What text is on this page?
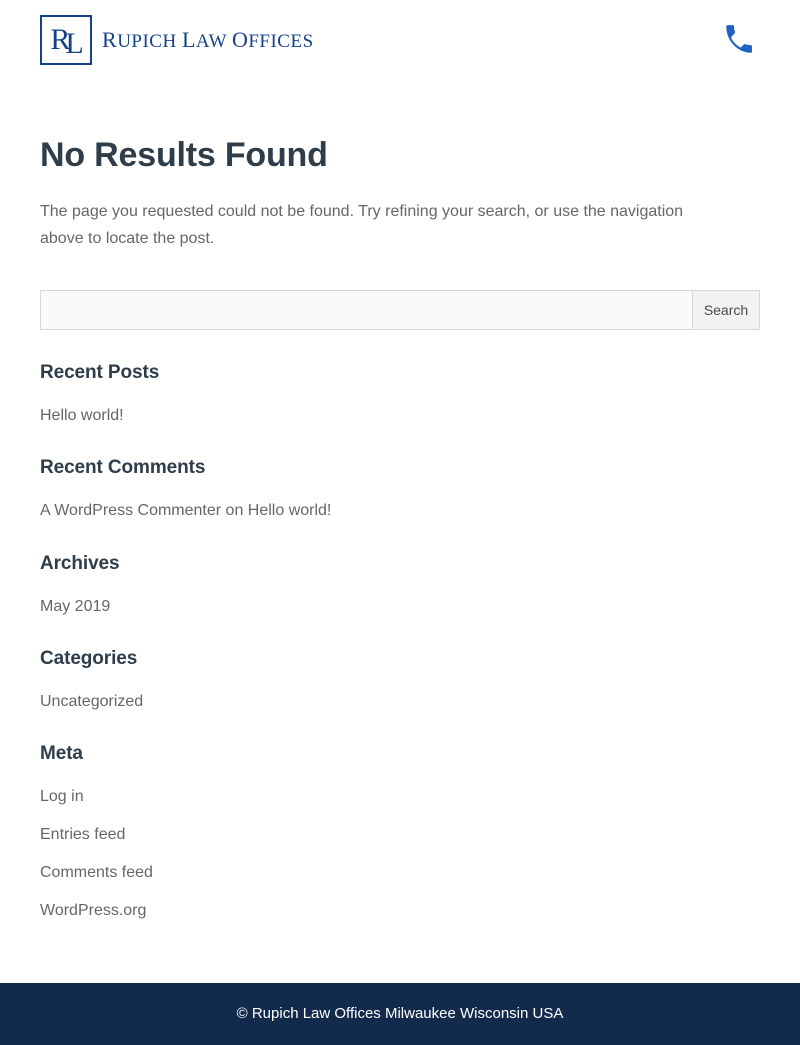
R
L RUPICH LAW OFFICES
No Results Found

The page you requested could not be found. Try refining your search, or use the navigation above to locate the post.

Search
Recent Posts
Hello world!
Recent Comments
A WordPress Commenter on Hello world!
Archives
May 2019
Categories
Uncategorized
Meta
Log in
Entries feed
Comments feed
WordPress.org
© Rupich Law Offices Milwaukee Wisconsin USA
